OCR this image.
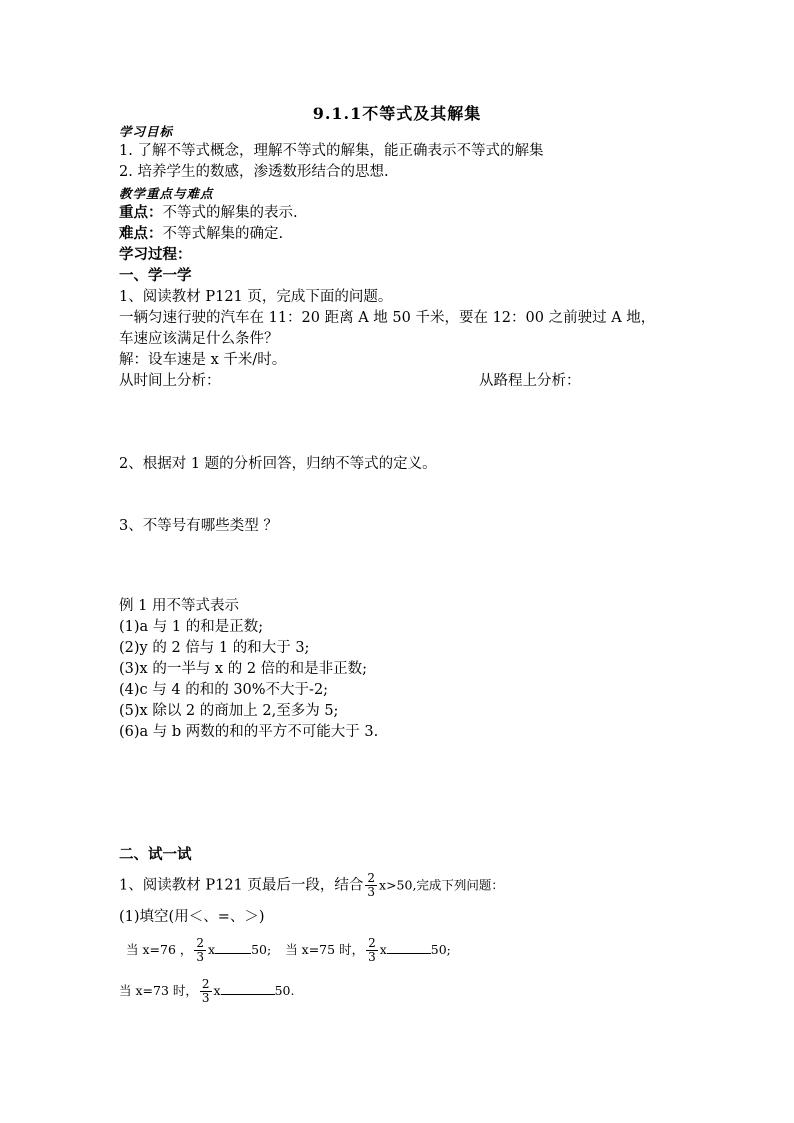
9.1.1不等式及其解集
学习目标
1. 了解不等式概念，理解不等式的解集，能正确表示不等式的解集
2. 培养学生的数感，渗透数形结合的思想.
教学重点与难点
重点：不等式的解集的表示.
难点：不等式解集的确定.
学习过程：
一、学一学
1、阅读教材 P121 页，完成下面的问题。
一辆匀速行驶的汽车在 11：20 距离 A 地 50 千米，要在 12：00 之前驶过 A 地，
车速应该满足什么条件？
解：设车速是 x 千米/时。
从时间上分析：	从路程上分析：
2、根据对 1 题的分析回答，归纳不等式的定义。
3、不等号有哪些类型 ？
例 1 用不等式表示
(1)a 与 1 的和是正数;
(2)y 的 2 倍与 1 的和大于 3;
(3)x 的一半与 x 的 2 倍的和是非正数;
(4)c 与 4 的和的 30%不大于-2;
(5)x 除以 2 的商加上 2,至多为 5;
(6)a 与 b 两数的和的平方不可能大于 3.
二、试一试
1、阅读教材 P121 页最后一段，结合 $\frac{2}{3} x>50$,完成下列问题：
(1)填空(用＜、=、＞)
当 x=76 ， $\frac{2}{3}$ x	50; 当 x=75 时， $\frac{2}{3}$ x	50;
当 x=73 时， $\frac{2}{3}$ x	50.
